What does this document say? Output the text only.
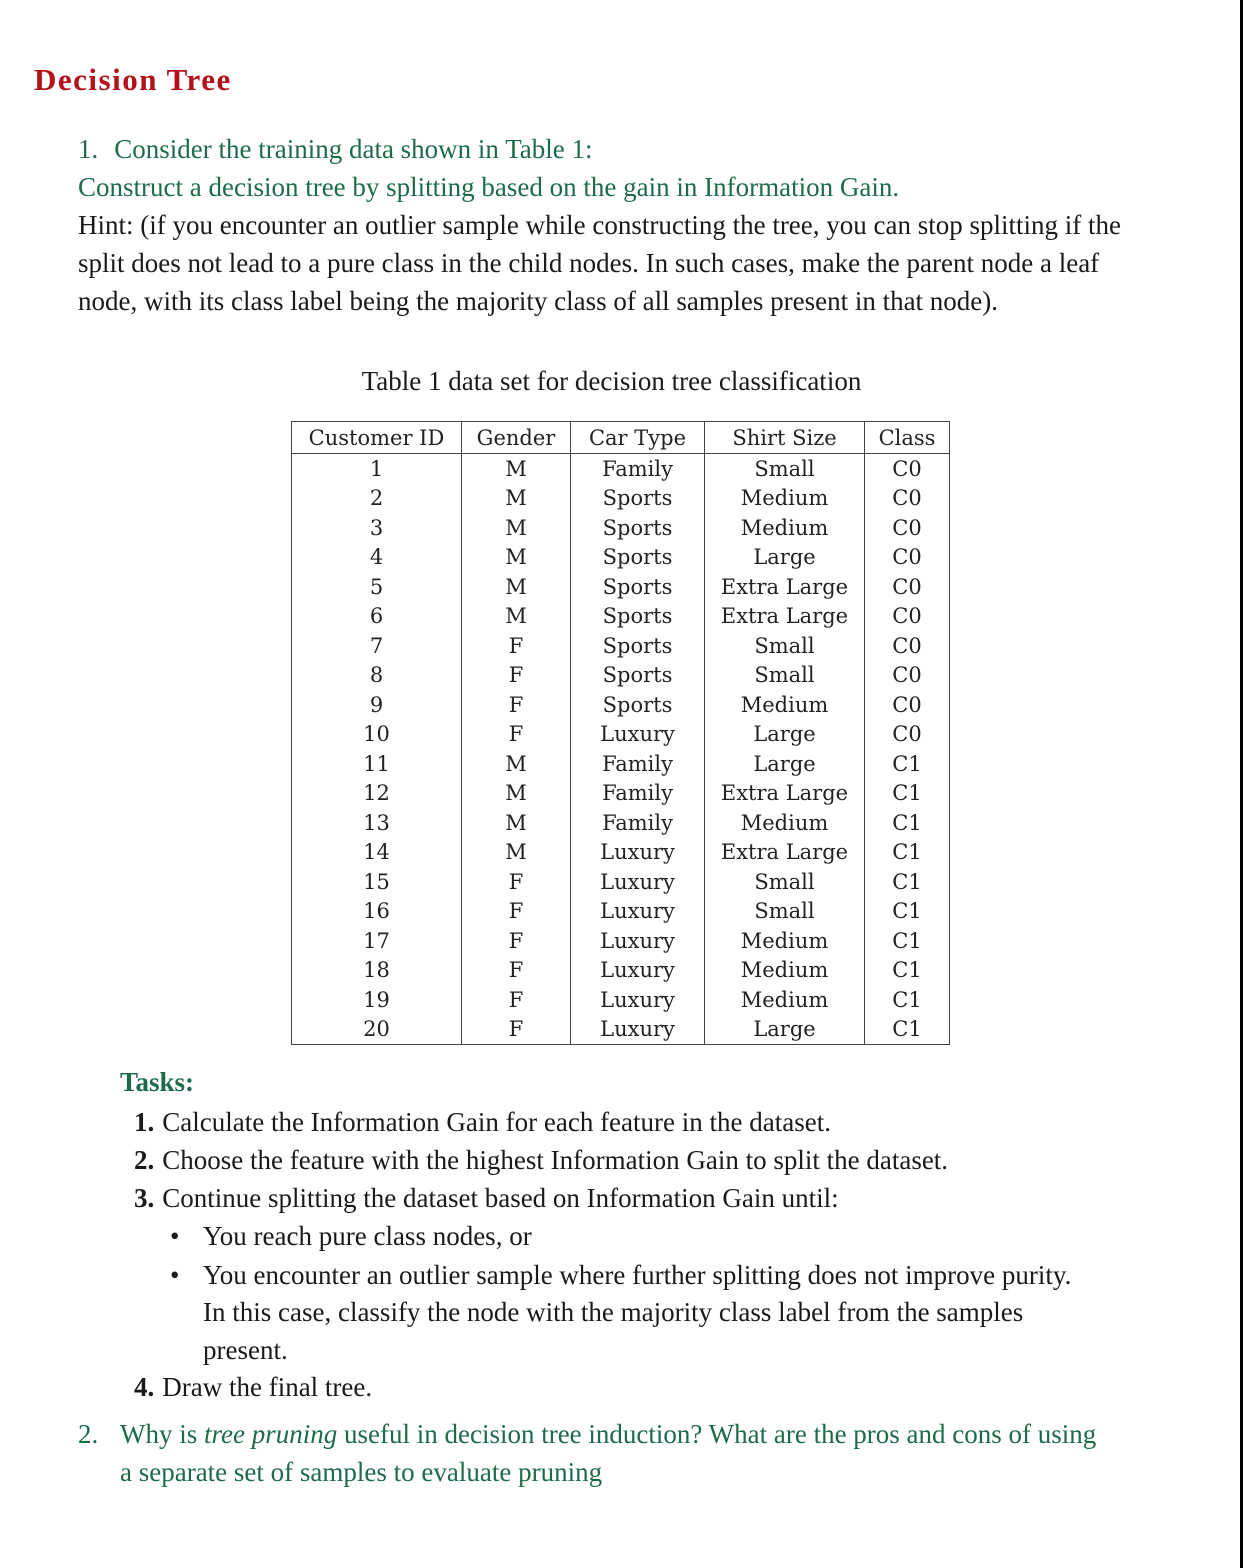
Decision Tree
1. Consider the training data shown in Table 1:
Construct a decision tree by splitting based on the gain in Information Gain.
Hint: (if you encounter an outlier sample while constructing the tree, you can stop splitting if the split does not lead to a pure class in the child nodes. In such cases, make the parent node a leaf node, with its class label being the majority class of all samples present in that node).
Table 1 data set for decision tree classification
Customer ID	Gender	Car Type	Shirt Size	Class
1	M	Family	Small	C0
2	M	Sports	Medium	C0
3	M	Sports	Medium	C0
4	M	Sports	Large	C0
5	M	Sports	Extra Large	C0
6	M	Sports	Extra Large	C0
7	F	Sports	Small	C0
8	F	Sports	Small	C0
9	F	Sports	Medium	C0
10	F	Luxury	Large	C0
11	M	Family	Large	C1
12	M	Family	Extra Large	C1
13	M	Family	Medium	C1
14	M	Luxury	Extra Large	C1
15	F	Luxury	Small	C1
16	F	Luxury	Small	C1
17	F	Luxury	Medium	C1
18	F	Luxury	Medium	C1
19	F	Luxury	Medium	C1
20	F	Luxury	Large	C1
Tasks:
1. Calculate the Information Gain for each feature in the dataset.
2. Choose the feature with the highest Information Gain to split the dataset.
3. Continue splitting the dataset based on Information Gain until:
• You reach pure class nodes, or
• You encounter an outlier sample where further splitting does not improve purity.
In this case, classify the node with the majority class label from the samples
present.
4. Draw the final tree.
2. Why is tree pruning useful in decision tree induction? What are the pros and cons of using
a separate set of samples to evaluate pruning
